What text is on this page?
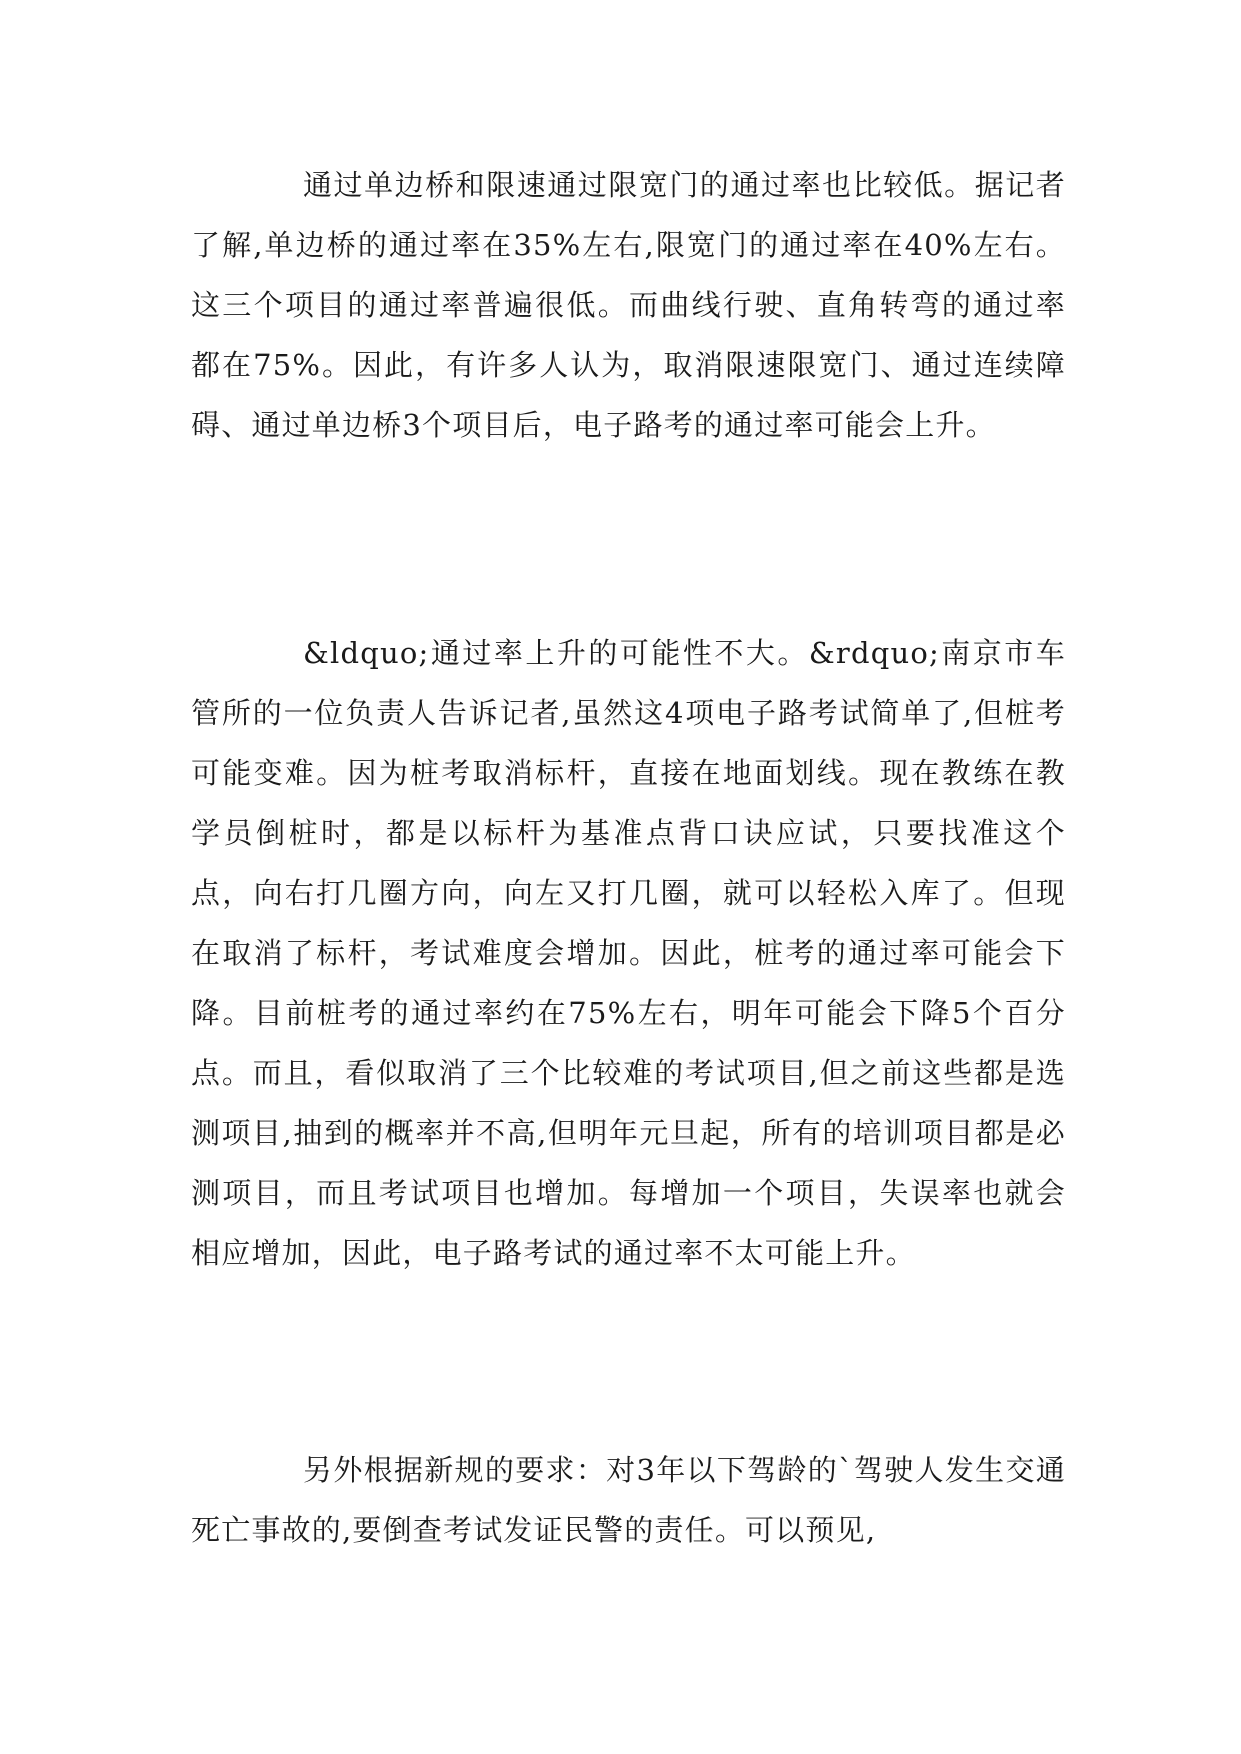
通过单边桥和限速通过限宽门的通过率也比较低。据记者了解,单边桥的通过率在35%左右,限宽门的通过率在40%左右。这三个项目的通过率普遍很低。而曲线行驶、直角转弯的通过率都在75%。因此，有许多人认为，取消限速限宽门、通过连续障碍、通过单边桥3个项目后，电子路考的通过率可能会上升。

&ldquo;通过率上升的可能性不大。&rdquo;南京市车管所的一位负责人告诉记者,虽然这4项电子路考试简单了,但桩考可能变难。因为桩考取消标杆，直接在地面划线。现在教练在教学员倒桩时，都是以标杆为基准点背口诀应试，只要找准这个点，向右打几圈方向，向左又打几圈，就可以轻松入库了。但现在取消了标杆，考试难度会增加。因此，桩考的通过率可能会下降。目前桩考的通过率约在75%左右，明年可能会下降5个百分点。而且，看似取消了三个比较难的考试项目,但之前这些都是选测项目,抽到的概率并不高,但明年元旦起，所有的培训项目都是必测项目，而且考试项目也增加。每增加一个项目，失误率也就会相应增加，因此，电子路考试的通过率不太可能上升。

另外根据新规的要求：对3年以下驾龄的`驾驶人发生交通死亡事故的,要倒查考试发证民警的责任。可以预见,
